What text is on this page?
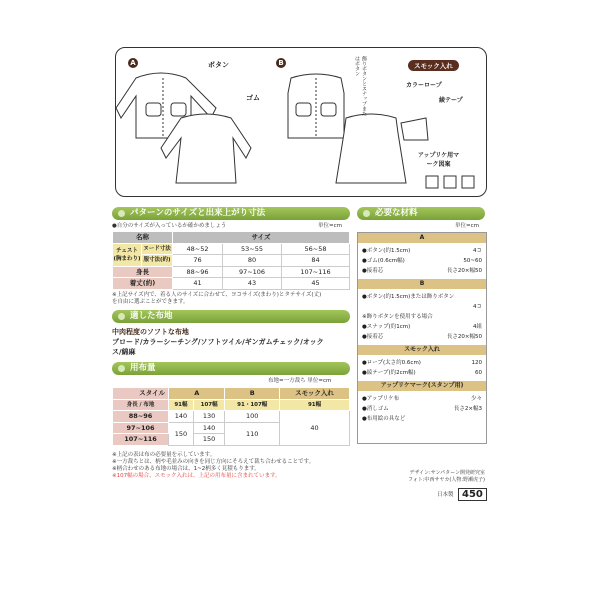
A	B
ボタン
ゴム	飾りボタンとスナップまたはボタン	スモック入れ
カラーロープ
綾テープ
アップリケ用マーク図案
パターンのサイズと出来上がり寸法
●自分のサイズが入っているか確かめましょう	単位=cm
名称		サイズ		
チェスト(胸まわり)	ヌード寸法	48~52	53~55	56~58
	服寸法(約)	76	80	84
身長		88~96	97~106	107~116
着丈(約)		41	43	45
※上記サイズ内で、着る人のサイズに合わせて、ヨコサイズ(まわり)とタテサイズ(丈)を自由に選ぶことができます。
適した布地
中肉程度のソフトな布地
ブロード/カラーシーチング/ソフトツイル/ギンガムチェック/オックス/綿麻
用布量
布地=一方裁ち 単位=cm
スタイル	A		B	スモック入れ
身長 / 布地	91幅	107幅	91・107幅	91幅
88~96	140	130	100	40
97~106	150	140	110	
107~116		150		
※上記の表は布の必要量を示しています。
※一方裁ちとは、柄や毛並みの向きを同じ方向にそろえて裁ち合わせることです。
※柄合わせのある布地の場合は、1~2柄多く見積もります。
※107幅の場合、スモック入れは、上記の用布量に含まれています。
必要な材料
単位=cm
A
●ボタン(約1.5cm)	4コ
●ゴム(0.6cm幅)	50~60
●接着芯	長さ20×幅50
B
●ボタン(約1.5cm)または飾りボタン
4コ
※飾りボタンを使用する場合
●スナップ(約1cm)	4組
●接着芯	長さ20×幅50
スモック入れ
●ロープ(太さ約0.6cm)	120
●綾テープ(約2cm幅)	60
アップリケマーク(スタンプ用)
●アップリケ布	少々
●消しゴム	長さ2×幅3
●布用絵の具など
デザイン:サンパターン開発研究室
フォト:中西サヤカ(人物:野瀬虎子)
日本製 450
